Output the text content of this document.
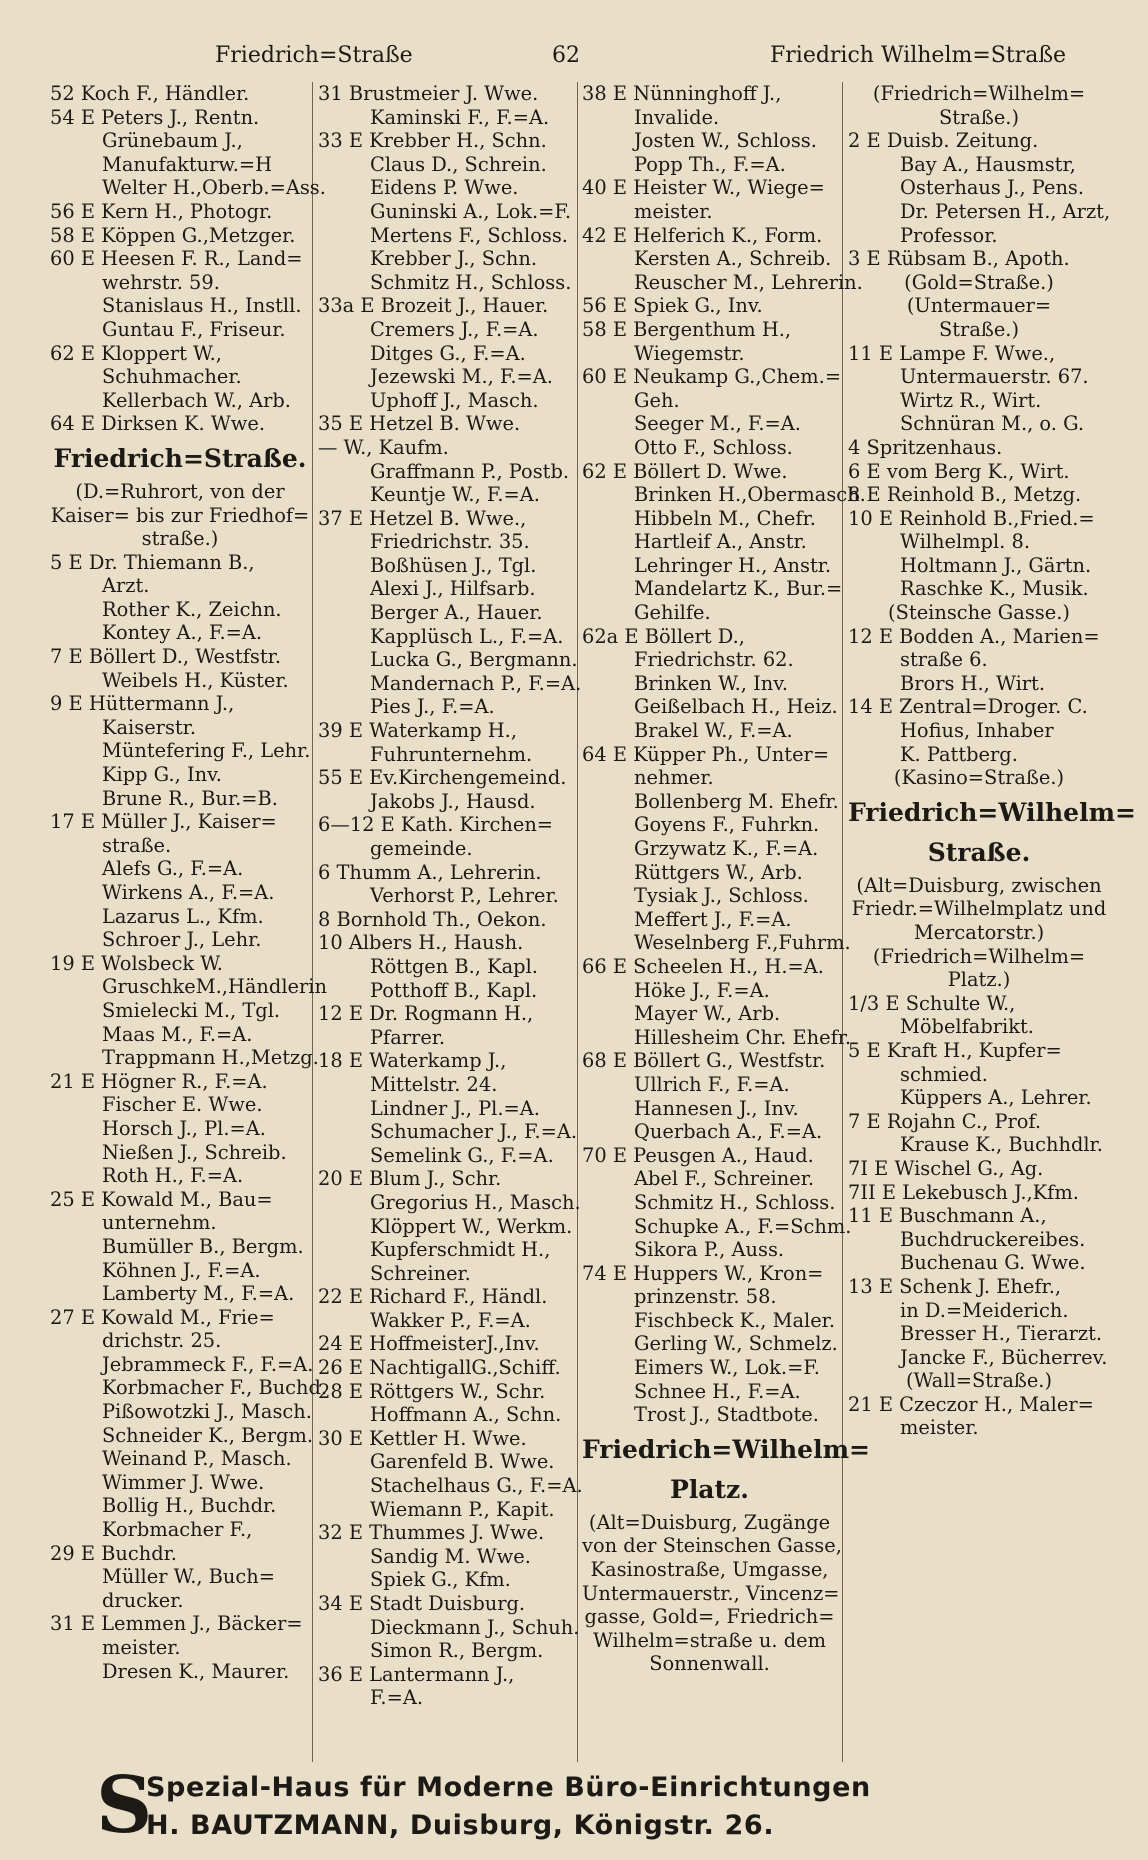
Friedrich=Straße	62	Friedrich Wilhelm=Straße
52 Koch F., Händler.
54 E Peters J., Rentn.
Grünebaum J.,
Manufakturw.=H
Welter H.,Oberb.=Ass.
56 E Kern H., Photogr.
58 E Köppen G.,Metzger.
60 E Heesen F. R., Land=
wehrstr. 59.
Stanislaus H., Instll.
Guntau F., Friseur.
62 E Kloppert W.,
Schuhmacher.
Kellerbach W., Arb.
64 E Dirksen K. Wwe.
Friedrich=Straße.
(D.=Ruhrort, von der
Kaiser= bis zur Friedhof=
straße.)
5 E Dr. Thiemann B.,
Arzt.
Rother K., Zeichn.
Kontey A., F.=A.
7 E Böllert D., Westfstr.
Weibels H., Küster.
9 E Hüttermann J.,
Kaiserstr.
Müntefering F., Lehr.
Kipp G., Inv.
Brune R., Bur.=B.
17 E Müller J., Kaiser=
straße.
Alefs G., F.=A.
Wirkens A., F.=A.
Lazarus L., Kfm.
Schroer J., Lehr.
19 E Wolsbeck W.
GruschkeM.,Händlerin
Smielecki M., Tgl.
Maas M., F.=A.
Trappmann H.,Metzg.
21 E Högner R., F.=A.
Fischer E. Wwe.
Horsch J., Pl.=A.
Nießen J., Schreib.
Roth H., F.=A.
25 E Kowald M., Bau=
unternehm.
Bumüller B., Bergm.
Köhnen J., F.=A.
Lamberty M., F.=A.
27 E Kowald M., Frie=
drichstr. 25.
Jebrammeck F., F.=A.
Korbmacher F., Buchd.
Pißowotzki J., Masch.
Schneider K., Bergm.
Weinand P., Masch.
Wimmer J. Wwe.
Bollig H., Buchdr.
Korbmacher F.,
29 E Buchdr.
Müller W., Buch=
drucker.
31 E Lemmen J., Bäcker=
meister.
Dresen K., Maurer.
31 Brustmeier J. Wwe.
Kaminski F., F.=A.
33 E Krebber H., Schn.
Claus D., Schrein.
Eidens P. Wwe.
Guninski A., Lok.=F.
Mertens F., Schloss.
Krebber J., Schn.
Schmitz H., Schloss.
33a E Brozeit J., Hauer.
Cremers J., F.=A.
Ditges G., F.=A.
Jezewski M., F.=A.
Uphoff J., Masch.
35 E Hetzel B. Wwe.
— W., Kaufm.
Graffmann P., Postb.
Keuntje W., F.=A.
37 E Hetzel B. Wwe.,
Friedrichstr. 35.
Boßhüsen J., Tgl.
Alexi J., Hilfsarb.
Berger A., Hauer.
Kapplüsch L., F.=A.
Lucka G., Bergmann.
Mandernach P., F.=A.
Pies J., F.=A.
39 E Waterkamp H.,
Fuhrunternehm.
55 E Ev.Kirchengemeind.
Jakobs J., Hausd.
6—12 E Kath. Kirchen=
gemeinde.
6 Thumm A., Lehrerin.
Verhorst P., Lehrer.
8 Bornhold Th., Oekon.
10 Albers H., Haush.
Röttgen B., Kapl.
Potthoff B., Kapl.
12 E Dr. Rogmann H.,
Pfarrer.
18 E Waterkamp J.,
Mittelstr. 24.
Lindner J., Pl.=A.
Schumacher J., F.=A.
Semelink G., F.=A.
20 E Blum J., Schr.
Gregorius H., Masch.
Klöppert W., Werkm.
Kupferschmidt H.,
Schreiner.
22 E Richard F., Händl.
Wakker P., F.=A.
24 E HoffmeisterJ.,Inv.
26 E NachtigallG.,Schiff.
28 E Röttgers W., Schr.
Hoffmann A., Schn.
30 E Kettler H. Wwe.
Garenfeld B. Wwe.
Stachelhaus G., F.=A.
Wiemann P., Kapit.
32 E Thummes J. Wwe.
Sandig M. Wwe.
Spiek G., Kfm.
34 E Stadt Duisburg.
Dieckmann J., Schuh.
Simon R., Bergm.
36 E Lantermann J.,
F.=A.
38 E Nünninghoff J.,
Invalide.
Josten W., Schloss.
Popp Th., F.=A.
40 E Heister W., Wiege=
meister.
42 E Helferich K., Form.
Kersten A., Schreib.
Reuscher M., Lehrerin.
56 E Spiek G., Inv.
58 E Bergenthum H.,
Wiegemstr.
60 E Neukamp G.,Chem.=
Geh.
Seeger M., F.=A.
Otto F., Schloss.
62 E Böllert D. Wwe.
Brinken H.,Obermasch.
Hibbeln M., Chefr.
Hartleif A., Anstr.
Lehringer H., Anstr.
Mandelartz K., Bur.=
Gehilfe.
62a E Böllert D.,
Friedrichstr. 62.
Brinken W., Inv.
Geißelbach H., Heiz.
Brakel W., F.=A.
64 E Küpper Ph., Unter=
nehmer.
Bollenberg M. Ehefr.
Goyens F., Fuhrkn.
Grzywatz K., F.=A.
Rüttgers W., Arb.
Tysiak J., Schloss.
Meffert J., F.=A.
Weselnberg F.,Fuhrm.
66 E Scheelen H., H.=A.
Höke J., F.=A.
Mayer W., Arb.
Hillesheim Chr. Ehefr.
68 E Böllert G., Westfstr.
Ullrich F., F.=A.
Hannesen J., Inv.
Querbach A., F.=A.
70 E Peusgen A., Haud.
Abel F., Schreiner.
Schmitz H., Schloss.
Schupke A., F.=Schm.
Sikora P., Auss.
74 E Huppers W., Kron=
prinzenstr. 58.
Fischbeck K., Maler.
Gerling W., Schmelz.
Eimers W., Lok.=F.
Schnee H., F.=A.
Trost J., Stadtbote.
Friedrich=Wilhelm=
Platz.
(Alt=Duisburg, Zugänge
von der Steinschen Gasse,
Kasinostraße, Umgasse,
Untermauerstr., Vincenz=
gasse, Gold=, Friedrich=
Wilhelm=straße u. dem
Sonnenwall.
(Friedrich=Wilhelm=
Straße.)
2 E Duisb. Zeitung.
Bay A., Hausmstr,
Osterhaus J., Pens.
Dr. Petersen H., Arzt,
Professor.
3 E Rübsam B., Apoth.
(Gold=Straße.)
(Untermauer=
Straße.)
11 E Lampe F. Wwe.,
Untermauerstr. 67.
Wirtz R., Wirt.
Schnüran M., o. G.
4 Spritzenhaus.
6 E vom Berg K., Wirt.
8 E Reinhold B., Metzg.
10 E Reinhold B.,Fried.=
Wilhelmpl. 8.
Holtmann J., Gärtn.
Raschke K., Musik.
(Steinsche Gasse.)
12 E Bodden A., Marien=
straße 6.
Brors H., Wirt.
14 E Zentral=Droger. C.
Hofius, Inhaber
K. Pattberg.
(Kasino=Straße.)
Friedrich=Wilhelm=
Straße.
(Alt=Duisburg, zwischen
Friedr.=Wilhelmplatz und
Mercatorstr.)
(Friedrich=Wilhelm=
Platz.)
1/3 E Schulte W.,
Möbelfabrikt.
5 E Kraft H., Kupfer=
schmied.
Küppers A., Lehrer.
7 E Rojahn C., Prof.
Krause K., Buchhdlr.
7I E Wischel G., Ag.
7II E Lekebusch J.,Kfm.
11 E Buschmann A.,
Buchdruckereibes.
Buchenau G. Wwe.
13 E Schenk J. Ehefr.,
in D.=Meiderich.
Bresser H., Tierarzt.
Jancke F., Bücherrev.
(Wall=Straße.)
21 E Czeczor H., Maler=
meister.
S
Spezial-Haus für Moderne Büro-Einrichtungen
H. BAUTZMANN, Duisburg, Königstr. 26.
